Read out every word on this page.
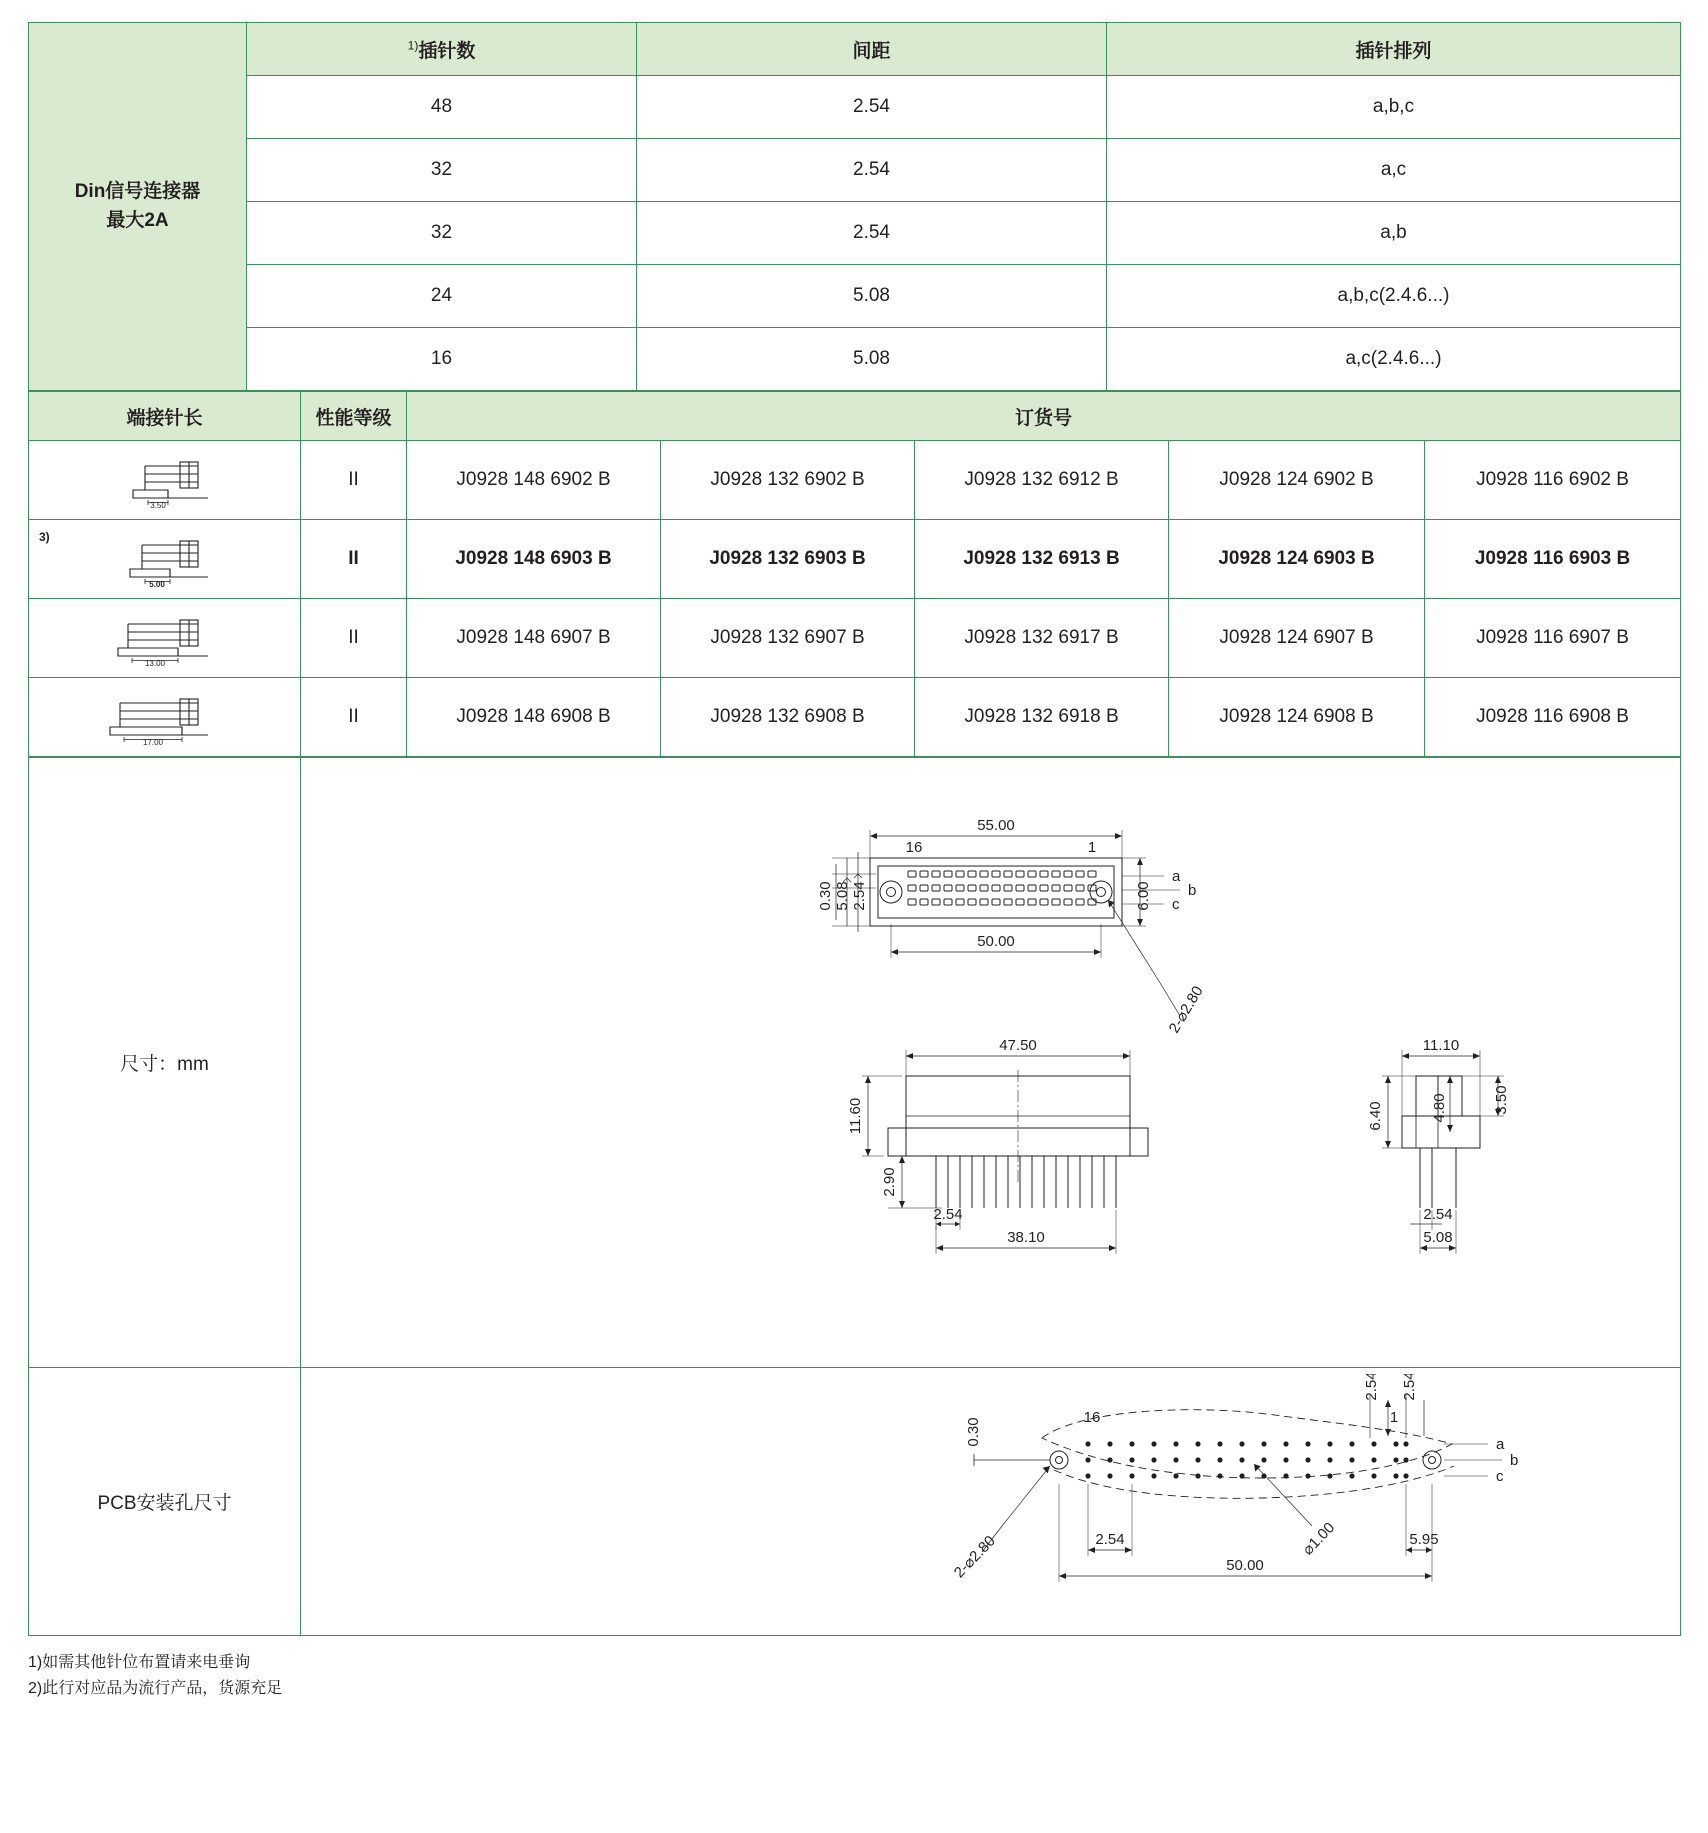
Din信号连接器
最大2A	$^{1)}$插针数	间距	插针排列
	48	2.54	a,b,c
	32	2.54	a,c
	32	2.54	a,b
	24	5.08	a,b,c(2.4.6...)
	16	5.08	a,c(2.4.6...)
端接针长	性能等级	订货号				

3.50	II	J0928 148 6902 B	J0928 132 6902 B	J0928 132 6912 B	J0928 124 6902 B	J0928 116 6902 B

3)
5.00	II	J0928 148 6903 B	J0928 132 6903 B	J0928 132 6913 B	J0928 124 6903 B	J0928 116 6903 B

13.00	II	J0928 148 6907 B	J0928 132 6907 B	J0928 132 6917 B	J0928 124 6907 B	J0928 116 6907 B

17.00	II	J0928 148 6908 B	J0928 132 6908 B	J0928 132 6918 B	J0928 124 6908 B	J0928 116 6908 B
尺寸：mm	
0.30 5.08 2.54
55.00
50.00
6.00
16	1
a
b
c
2-⌀2.80
11.60
47.50
2.90
2.54
38.10
11.10
6.40	4.80	3.50
2.54
5.08

PCB安装孔尺寸	
0.30	16	1
2.54 2.54
a
b
c
2-⌀2.80	⌀1.00
2.54
50.00
5.95
1)如需其他针位布置请来电垂询
2)此行对应品为流行产品，货源充足
